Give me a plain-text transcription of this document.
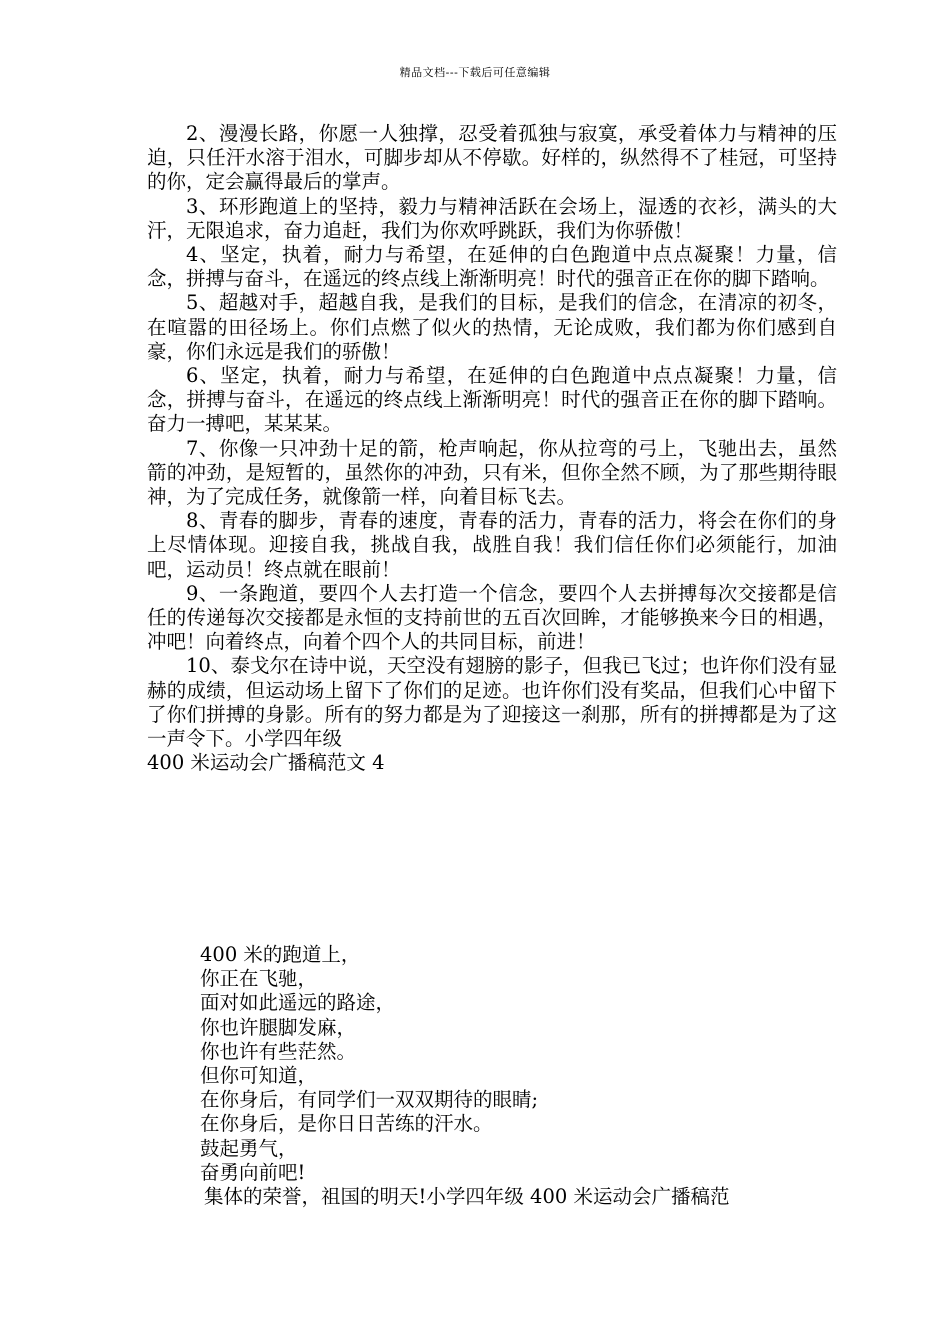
精品文档---下载后可任意编辑

2、漫漫长路，你愿一人独撑，忍受着孤独与寂寞，承受着体力与精神的压迫，只任汗水溶于泪水，可脚步却从不停歇。好样的，纵然得不了桂冠，可坚持的你，定会赢得最后的掌声。

3、环形跑道上的坚持，毅力与精神活跃在会场上，湿透的衣衫，满头的大汗，无限追求，奋力追赶，我们为你欢呼跳跃，我们为你骄傲！

4、坚定，执着，耐力与希望，在延伸的白色跑道中点点凝聚！力量，信念，拼搏与奋斗，在遥远的终点线上渐渐明亮！时代的强音正在你的脚下踏响。

5、超越对手，超越自我，是我们的目标，是我们的信念，在清凉的初冬，在喧嚣的田径场上。你们点燃了似火的热情，无论成败，我们都为你们感到自豪，你们永远是我们的骄傲！

6、坚定，执着，耐力与希望，在延伸的白色跑道中点点凝聚！力量，信念，拼搏与奋斗，在遥远的终点线上渐渐明亮！时代的强音正在你的脚下踏响。奋力一搏吧，某某某。

7、你像一只冲劲十足的箭，枪声响起，你从拉弯的弓上，飞驰出去，虽然箭的冲劲，是短暂的，虽然你的冲劲，只有米，但你全然不顾，为了那些期待眼神，为了完成任务，就像箭一样，向着目标飞去。

8、青春的脚步，青春的速度，青春的活力，青春的活力，将会在你们的身上尽情体现。迎接自我，挑战自我，战胜自我！我们信任你们必须能行，加油吧，运动员！终点就在眼前！

9、一条跑道，要四个人去打造一个信念，要四个人去拼搏每次交接都是信任的传递每次交接都是永恒的支持前世的五百次回眸，才能够换来今日的相遇，冲吧！向着终点，向着个四个人的共同目标，前进！

10、泰戈尔在诗中说，天空没有翅膀的影子，但我已飞过；也许你们没有显赫的成绩，但运动场上留下了你们的足迹。也许你们没有奖品，但我们心中留下了你们拼搏的身影。所有的努力都是为了迎接这一刹那，所有的拼搏都是为了这一声令下。小学四年级

400 米运动会广播稿范文 4

400 米的跑道上，

你正在飞驰，

面对如此遥远的路途，

你也许腿脚发麻，

你也许有些茫然。

但你可知道，

在你身后，有同学们一双双期待的眼睛;

在你身后，是你日日苦练的汗水。

鼓起勇气，

奋勇向前吧!

集体的荣誉，祖国的明天!小学四年级 400 米运动会广播稿范
